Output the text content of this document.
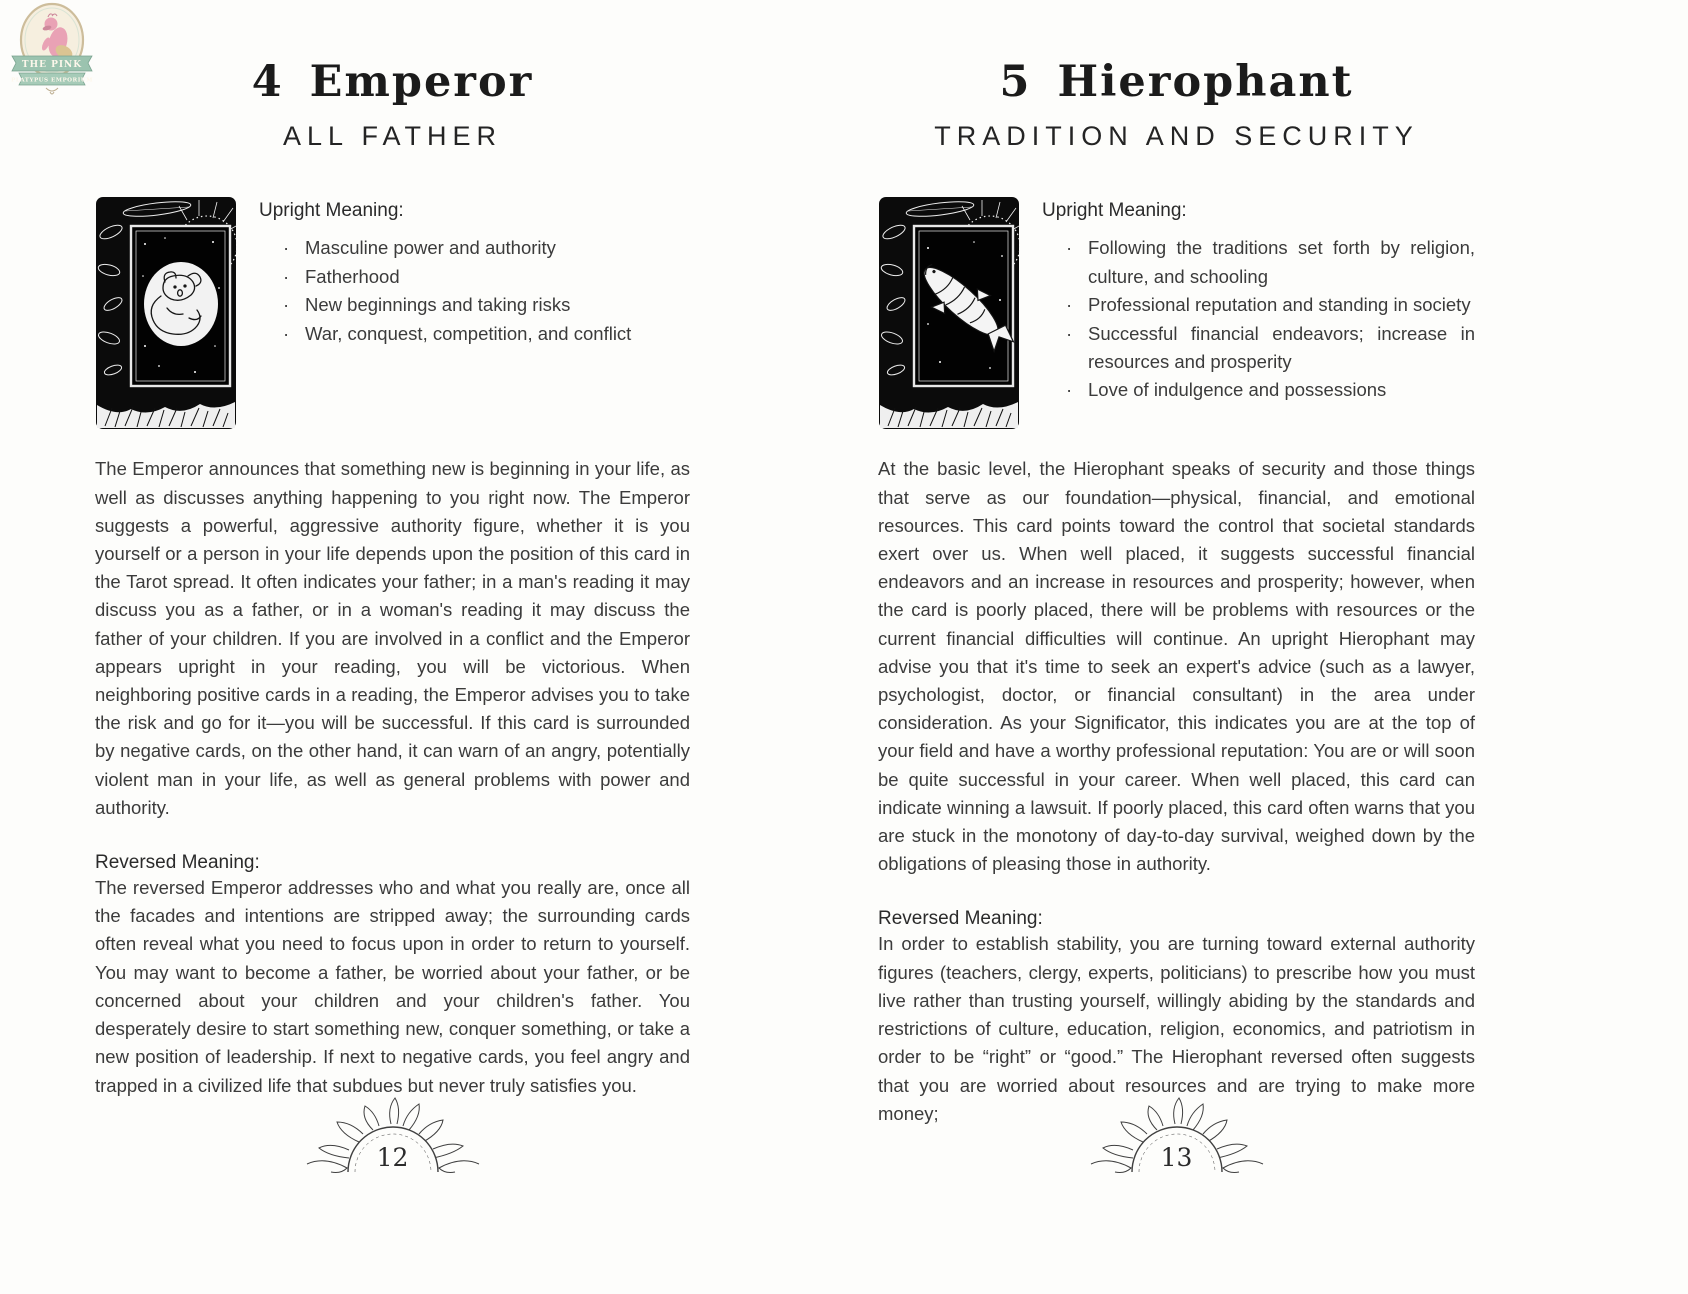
THE PINK
PLATYPUS EMPORIUM	4 Emperor
ALL FATHER
Upright Meaning:
· Masculine power and authority
· Fatherhood
· New beginnings and taking risks
· War, conquest, competition, and conflict

The Emperor announces that something new is beginning in your life, as well as discusses anything happening to you right now. The Emperor suggests a powerful, aggressive authority figure, whether it is you yourself or a person in your life depends upon the position of this card in the Tarot spread. It often indicates your father; in a man's reading it may discuss you as a father, or in a woman's reading it may discuss the father of your children. If you are involved in a conflict and the Emperor appears upright in your reading, you will be victorious. When neighboring positive cards in a reading, the Emperor advises you to take the risk and go for it—you will be successful. If this card is surrounded by negative cards, on the other hand, it can warn of an angry, potentially violent man in your life, as well as general problems with power and authority.

Reversed Meaning:

The reversed Emperor addresses who and what you really are, once all the facades and intentions are stripped away; the surrounding cards often reveal what you need to focus upon in order to return to yourself. You may want to become a father, be worried about your father, or be concerned about your children and your children's father. You desperately desire to start something new, conquer something, or take a new position of leadership. If next to negative cards, you feel angry and trapped in a civilized life that subdues but never truly satisfies you.

12
5 Hierophant
TRADITION AND SECURITY
Upright Meaning:
· Following the traditions set forth by religion, culture, and schooling
· Professional reputation and standing in society
· Successful financial endeavors; increase in resources and prosperity
· Love of indulgence and possessions

At the basic level, the Hierophant speaks of security and those things that serve as our foundation—physical, financial, and emotional resources. This card points toward the control that societal standards exert over us. When well placed, it suggests successful financial endeavors and an increase in resources and prosperity; however, when the card is poorly placed, there will be problems with resources or the current financial difficulties will continue. An upright Hierophant may advise you that it's time to seek an expert's advice (such as a lawyer, psychologist, doctor, or financial consultant) in the area under consideration. As your Significator, this indicates you are at the top of your field and have a worthy professional reputation: You are or will soon be quite successful in your career. When well placed, this card can indicate winning a lawsuit. If poorly placed, this card often warns that you are stuck in the monotony of day-to-day survival, weighed down by the obligations of pleasing those in authority.

Reversed Meaning:

In order to establish stability, you are turning toward external authority figures (teachers, clergy, experts, politicians) to prescribe how you must live rather than trusting yourself, willingly abiding by the standards and restrictions of culture, education, religion, economics, and patriotism in order to be “right” or “good.” The Hierophant reversed often suggests that you are worried about resources and are trying to make more money;

13
